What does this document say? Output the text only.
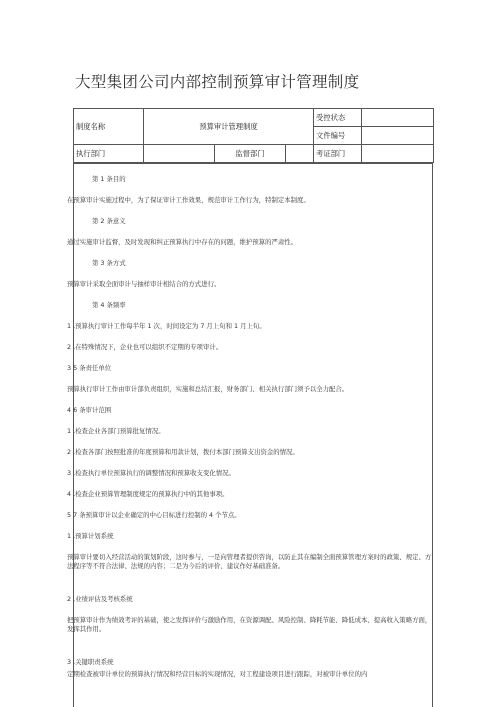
大型集团公司内部控制预算审计管理制度
制度名称	预算审计管理制度			受控状态	
				文件编号	
执行部门		监督部门		考证部门	
第 1 条目的
在预算审计实施过程中，为了保证审计工作效果，规范审计工作行为，特制定本制度。
第 2 条意义
通过实施审计监督，及时发现和纠正预算执行中存在的问题，维护预算的严肃性。
第 3 条方式
预算审计采取全面审计与抽样审计相结合的方式进行。
第 4 条频率
1 .预算执行审计工作每半年 1 次，时间设定为 7 月上旬和 1 月上旬。
2 .在特殊情况下，企业也可以组织不定期的专项审计。
3 5 条责任单位
预算执行审计工作由审计部负责组织，实施和总结汇报，财务部门、相关执行部门须予以全力配合。
4 6 条审计范围
1 .检查企业各部门预算批复情况。
2 .检查各部门按照批准的年度预算和用款计划，拨付本部门预算支出资金的情况。
3 .检查执行单位预算执行的调整情况和预算收支变化情况。
4 .检查企业预算管理制度规定的预算执行中的其他事项。
5 7 条预算审计以企业确定的中心目标进行控制的 4 个节点。
1 .预算计划系统
预算审计要切入经营活动的策划阶段，这时参与，一是向管理者提供咨询，以防止其在编制全面预算管理方案时的政策、规定、方法程序等不符合法律、法规的内容；二是为今后的评价、建议作好基础准备。
2 .业绩评估及考核系统
把预算审计作为绩效考评的基础，使之发挥评价与激励作用，在资源调配、风险控制、降耗节能、降低成本、提高收入策略方面，发挥其作用。
3 .关键职责系统
定期检查被审计单位的预算执行情况和经营目标的实现情况，对工程建设项目进行跟踪，对被审计单位的内
